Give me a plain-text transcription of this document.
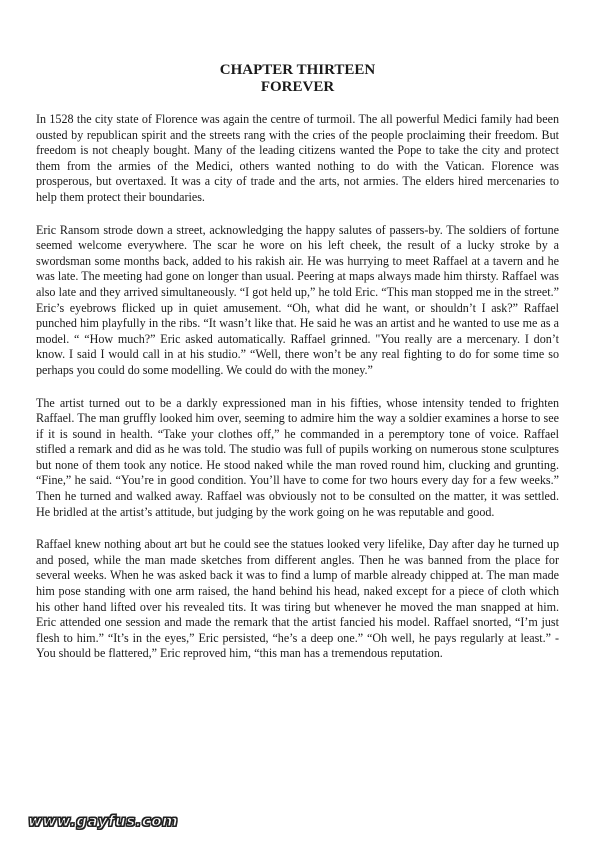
CHAPTER THIRTEEN
FOREVER

In 1528 the city state of Florence was again the centre of turmoil. The all powerful Medici family had been ousted by republican spirit and the streets rang with the cries of the people proclaiming their freedom. But freedom is not cheaply bought. Many of the leading citizens wanted the Pope to take the city and protect them from the armies of the Medici, others wanted nothing to do with the Vatican. Florence was prosperous, but overtaxed. It was a city of trade and the arts, not armies. The elders hired mercenaries to help them protect their boundaries.

Eric Ransom strode down a street, acknowledging the happy salutes of passers-by. The soldiers of fortune seemed welcome everywhere. The scar he wore on his left cheek, the result of a lucky stroke by a swordsman some months back, added to his rakish air. He was hurrying to meet Raffael at a tavern and he was late. The meeting had gone on longer than usual. Peering at maps always made him thirsty. Raffael was also late and they arrived simultaneously. “I got held up,” he told Eric. “This man stopped me in the street.” Eric’s eyebrows flicked up in quiet amusement. “Oh, what did he want, or shouldn’t I ask?” Raffael punched him playfully in the ribs. “It wasn’t like that. He said he was an artist and he wanted to use me as a model. “ “How much?” Eric asked automatically. Raffael grinned. "You really are a mercenary. I don’t know. I said I would call in at his studio.” “Well, there won’t be any real fighting to do for some time so perhaps you could do some modelling. We could do with the money.”

The artist turned out to be a darkly expressioned man in his fifties, whose intensity tended to frighten Raffael. The man gruffly looked him over, seeming to admire him the way a soldier examines a horse to see if it is sound in health. “Take your clothes off,” he commanded in a peremptory tone of voice. Raffael stifled a remark and did as he was told. The studio was full of pupils working on numerous stone sculptures but none of them took any notice. He stood naked while the man roved round him, clucking and grunting. “Fine,” he said. “You’re in good condition. You’ll have to come for two hours every day for a few weeks.” Then he turned and walked away. Raffael was obviously not to be consulted on the matter, it was settled. He bridled at the artist’s attitude, but judging by the work going on he was reputable and good.

Raffael knew nothing about art but he could see the statues looked very lifelike, Day after day he turned up and posed, while the man made sketches from different angles. Then he was banned from the place for several weeks. When he was asked back it was to find a lump of marble already chipped at. The man made him pose standing with one arm raised, the hand behind his head, naked except for a piece of cloth which his other hand lifted over his revealed tits. It was tiring but whenever he moved the man snapped at him. Eric attended one session and made the remark that the artist fancied his model. Raffael snorted, “I’m just flesh to him.” “It’s in the eyes,” Eric persisted, “he’s a deep one.” “Oh well, he pays regularly at least.” -You should be flattered,” Eric reproved him, “this man has a tremendous reputation.

www.gayfus.com
